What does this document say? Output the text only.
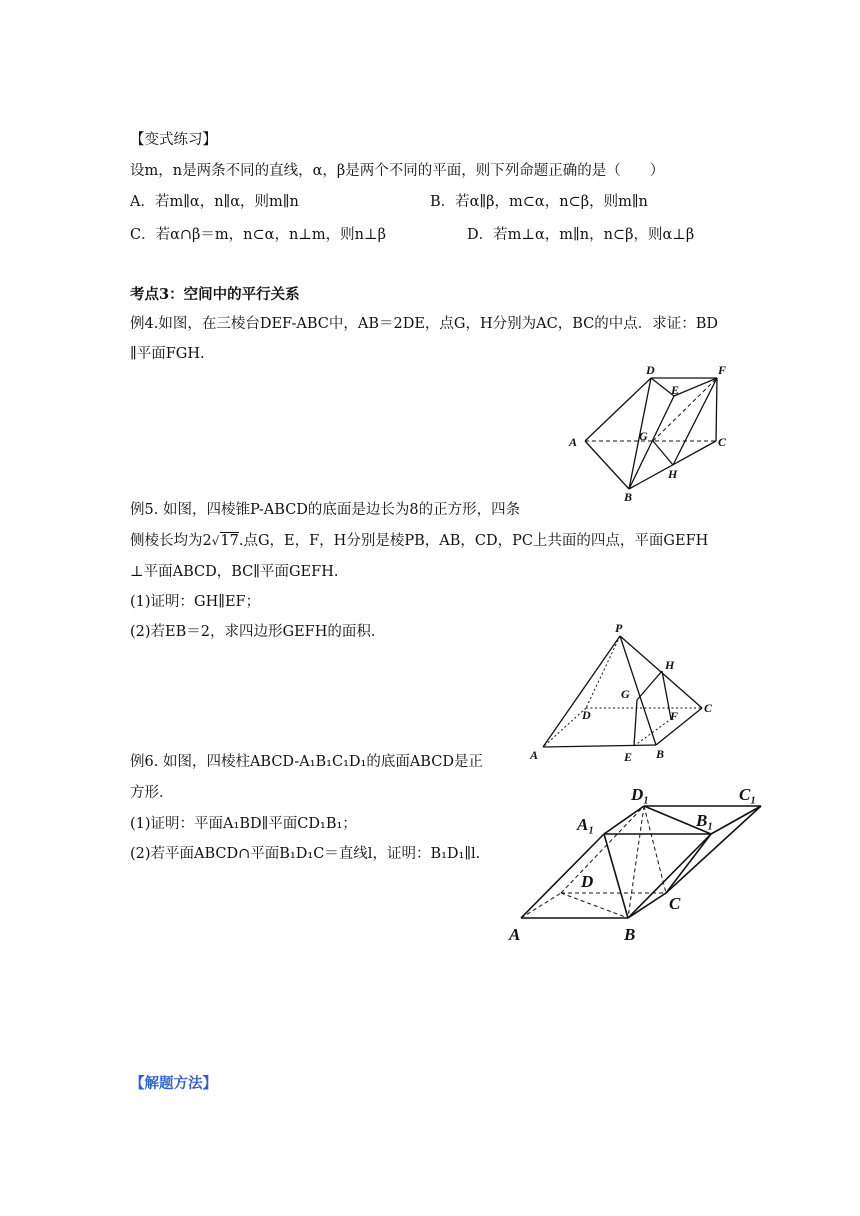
【变式练习】
设m，n是两条不同的直线，α，β是两个不同的平面，则下列命题正确的是（　　）
A．若m∥α，n∥α，则m∥n	B．若α∥β，m⊂α，n⊂β，则m∥n
C．若α∩β＝m，n⊂α，n⊥m，则n⊥β	D．若m⊥α，m∥n，n⊂β，则α⊥β
考点3：空间中的平行关系
例4.如图，在三棱台DEF-ABC中，AB＝2DE，点G，H分别为AC，BC的中点．求证：BD
∥平面FGH.
D
E
F
A	G	C
H
B
例5. 如图，四棱锥P-ABCD的底面是边长为8的正方形，四条
侧棱长均为2√17.点G，E，F，H分别是棱PB，AB，CD，PC上共面的四点，平面GEFH
⊥平面ABCD，BC∥平面GEFH.
(1)证明：GH∥EF；
(2)若EB＝2，求四边形GEFH的面积．	P
H
G
D	F
C
A	E B
例6. 如图，四棱柱ABCD-A₁B₁C₁D₁的底面ABCD是正
方形．
(1)证明：平面A₁BD∥平面CD₁B₁；
(2)若平面ABCD∩平面B₁D₁C＝直线l，证明：B₁D₁∥l.
D₁	C₁
A₁	B₁
D
C
A	B
【解题方法】
